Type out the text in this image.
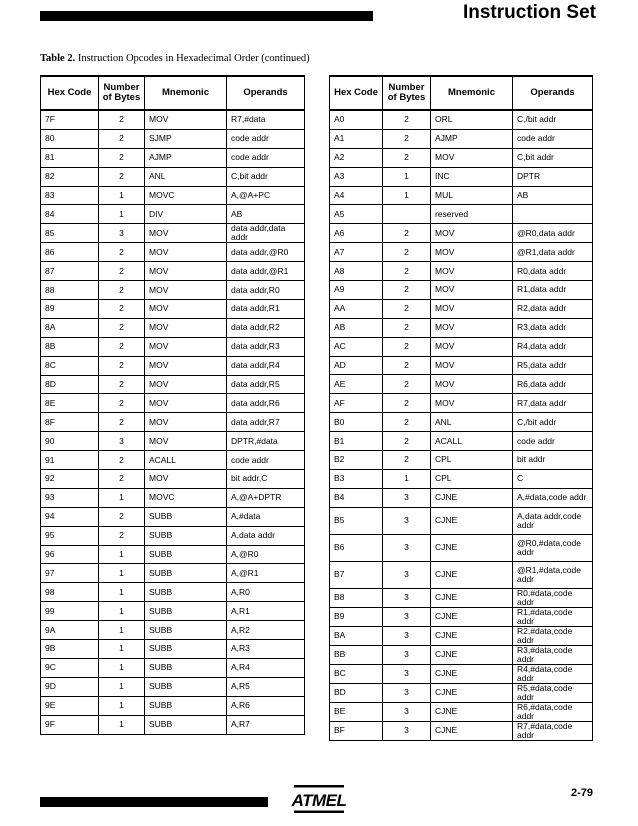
Instruction Set
Table 2. Instruction Opcodes in Hexadecimal Order (continued)
Hex Code	Number of Bytes	Mnemonic	Operands
7F	2	MOV	R7,#data
80	2	SJMP	code addr
81	2	AJMP	code addr
82	2	ANL	C,bit addr
83	1	MOVC	A,@A+PC
84	1	DIV	AB
85	3	MOV	data addr,data addr
86	2	MOV	data addr,@R0
87	2	MOV	data addr,@R1
88	2	MOV	data addr,R0
89	2	MOV	data addr,R1
8A	2	MOV	data addr,R2
8B	2	MOV	data addr,R3
8C	2	MOV	data addr,R4
8D	2	MOV	data addr,R5
8E	2	MOV	data addr,R6
8F	2	MOV	data addr,R7
90	3	MOV	DPTR,#data
91	2	ACALL	code addr
92	2	MOV	bit addr,C
93	1	MOVC	A,@A+DPTR
94	2	SUBB	A,#data
95	2	SUBB	A,data addr
96	1	SUBB	A,@R0
97	1	SUBB	A,@R1
98	1	SUBB	A,R0
99	1	SUBB	A,R1
9A	1	SUBB	A,R2
9B	1	SUBB	A,R3
9C	1	SUBB	A,R4
9D	1	SUBB	A,R5
9E	1	SUBB	A,R6
9F	1	SUBB	A,R7
Hex Code	Number of Bytes	Mnemonic	Operands
A0	2	ORL	C,/bit addr
A1	2	AJMP	code addr
A2	2	MOV	C,bit addr
A3	1	INC	DPTR
A4	1	MUL	AB
A5		reserved	
A6	2	MOV	@R0,data addr
A7	2	MOV	@R1,data addr
A8	2	MOV	R0,data addr
A9	2	MOV	R1,data addr
AA	2	MOV	R2,data addr
AB	2	MOV	R3,data addr
AC	2	MOV	R4,data addr
AD	2	MOV	R5,data addr
AE	2	MOV	R6,data addr
AF	2	MOV	R7,data addr
B0	2	ANL	C,/bit addr
B1	2	ACALL	code addr
B2	2	CPL	bit addr
B3	1	CPL	C
B4	3	CJNE	A,#data,code addr
B5	3	CJNE	A,data addr,code addr
B6	3	CJNE	@R0,#data,code addr
B7	3	CJNE	@R1,#data,code addr
B8	3	CJNE	R0,#data,code addr
B9	3	CJNE	R1,#data,code addr
BA	3	CJNE	R2,#data,code addr
BB	3	CJNE	R3,#data,code addr
BC	3	CJNE	R4,#data,code addr
BD	3	CJNE	R5,#data,code addr
BE	3	CJNE	R6,#data,code addr
BF	3	CJNE	R7,#data,code addr
ATMEL	2-79
